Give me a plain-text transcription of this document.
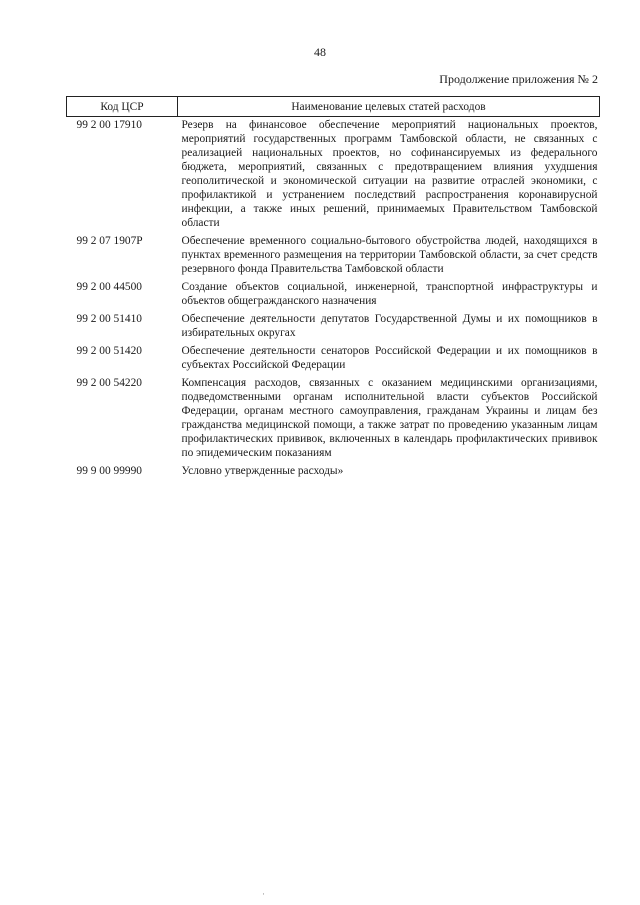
48
Продолжение приложения № 2
Код ЦСР	Наименование целевых статей расходов
99 2 00 17910	Резерв на финансовое обеспечение мероприятий национальных проектов, мероприятий государственных программ Тамбовской области, не связанных с реализацией национальных проектов, но софинансируемых из федерального бюджета, мероприятий, связанных с предотвращением влияния ухудшения геополитической и экономической ситуации на развитие отраслей экономики, с профилактикой и устранением последствий распространения коронавирусной инфекции, а также иных решений, принимаемых Правительством Тамбовской области
99 2 07 1907Р	Обеспечение временного социально-бытового обустройства людей, находящихся в пунктах временного размещения на территории Тамбовской области, за счет средств резервного фонда Правительства Тамбовской области
99 2 00 44500	Создание объектов социальной, инженерной, транспортной инфраструктуры и объектов общегражданского назначения
99 2 00 51410	Обеспечение деятельности депутатов Государственной Думы и их помощников в избирательных округах
99 2 00 51420	Обеспечение деятельности сенаторов Российской Федерации и их помощников в субъектах Российской Федерации
99 2 00 54220	Компенсация расходов, связанных с оказанием медицинскими организациями, подведомственными органам исполнительной власти субъектов Российской Федерации, органам местного самоуправления, гражданам Украины и лицам без гражданства медицинской помощи, а также затрат по проведению указанным лицам профилактических прививок, включенных в календарь профилактических прививок по эпидемическим показаниям
99 9 00 99990	Условно утвержденные расходы»
·
